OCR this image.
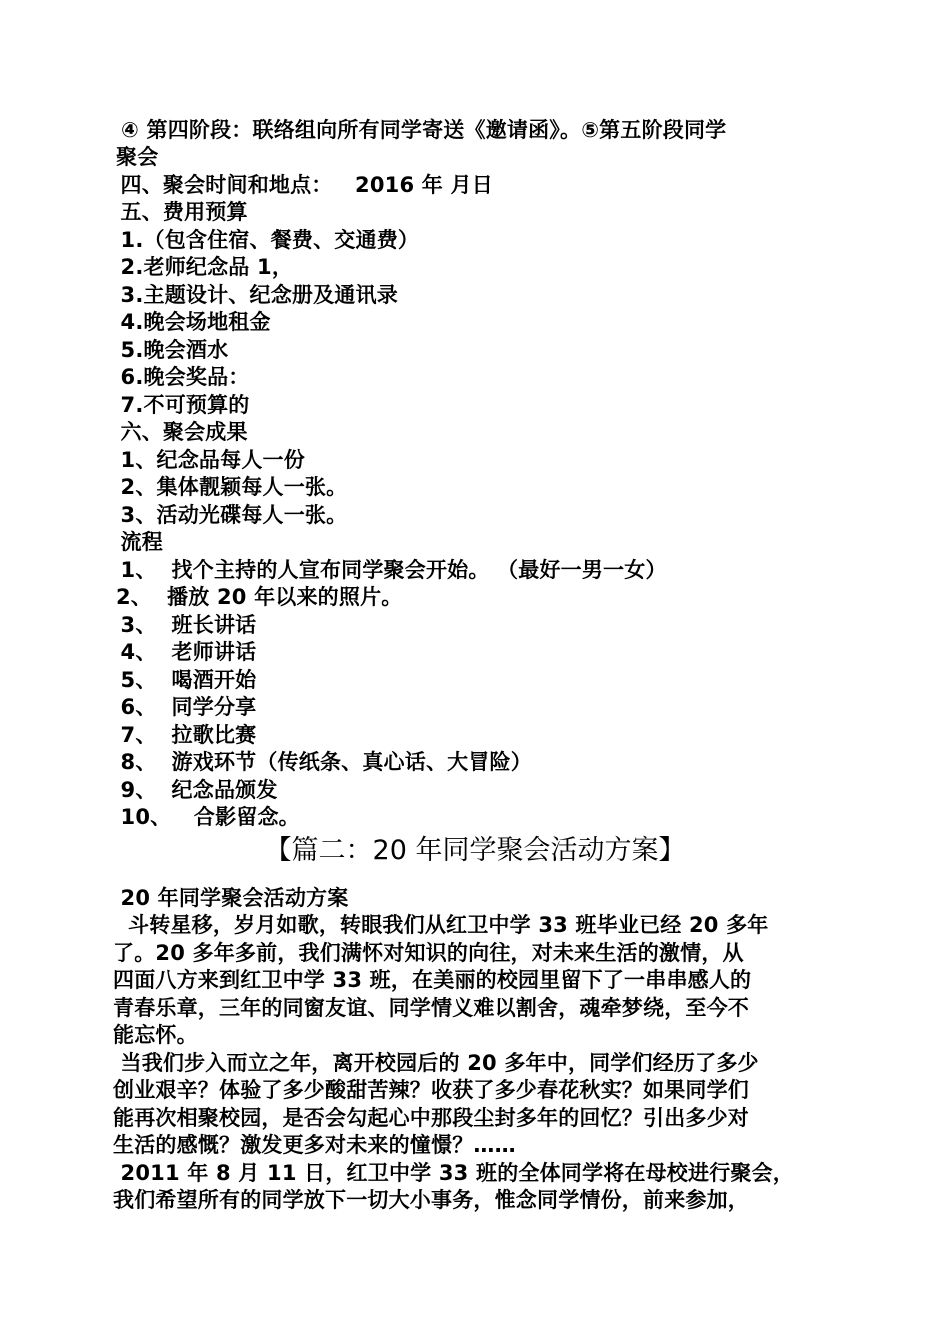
④ 第四阶段：联络组向所有同学寄送《邀请函》。⑤第五阶段同学
聚会
四、聚会时间和地点：   2016 年 月日
五、费用预算
1.（包含住宿、餐费、交通费）
2.老师纪念品 1，
3.主题设计、纪念册及通讯录
4.晚会场地租金
5.晚会酒水
6.晚会奖品：
7.不可预算的
六、聚会成果
1、纪念品每人一份
2、集体靓颖每人一张。
3、活动光碟每人一张。
流程
1、  找个主持的人宣布同学聚会开始。 （最好一男一女）
2、  播放 20 年以来的照片。
3、  班长讲话
4、  老师讲话
5、  喝酒开始
6、  同学分享
7、  拉歌比赛
8、  游戏环节（传纸条、真心话、大冒险）
9、  纪念品颁发
10、   合影留念。
【篇二：20 年同学聚会活动方案】
20 年同学聚会活动方案
斗转星移，岁月如歌，转眼我们从红卫中学 33 班毕业已经 20 多年
了。20 多年多前，我们满怀对知识的向往，对未来生活的激情，从
四面八方来到红卫中学 33 班，在美丽的校园里留下了一串串感人的
青春乐章，三年的同窗友谊、同学情义难以割舍，魂牵梦绕，至今不
能忘怀。
当我们步入而立之年，离开校园后的 20 多年中，同学们经历了多少
创业艰辛？体验了多少酸甜苦辣？收获了多少春花秋实？如果同学们
能再次相聚校园，是否会勾起心中那段尘封多年的回忆？引出多少对
生活的感慨？激发更多对未来的憧憬？……
2011 年 8 月 11 日，红卫中学 33 班的全体同学将在母校进行聚会，
我们希望所有的同学放下一切大小事务，惟念同学情份，前来参加，
